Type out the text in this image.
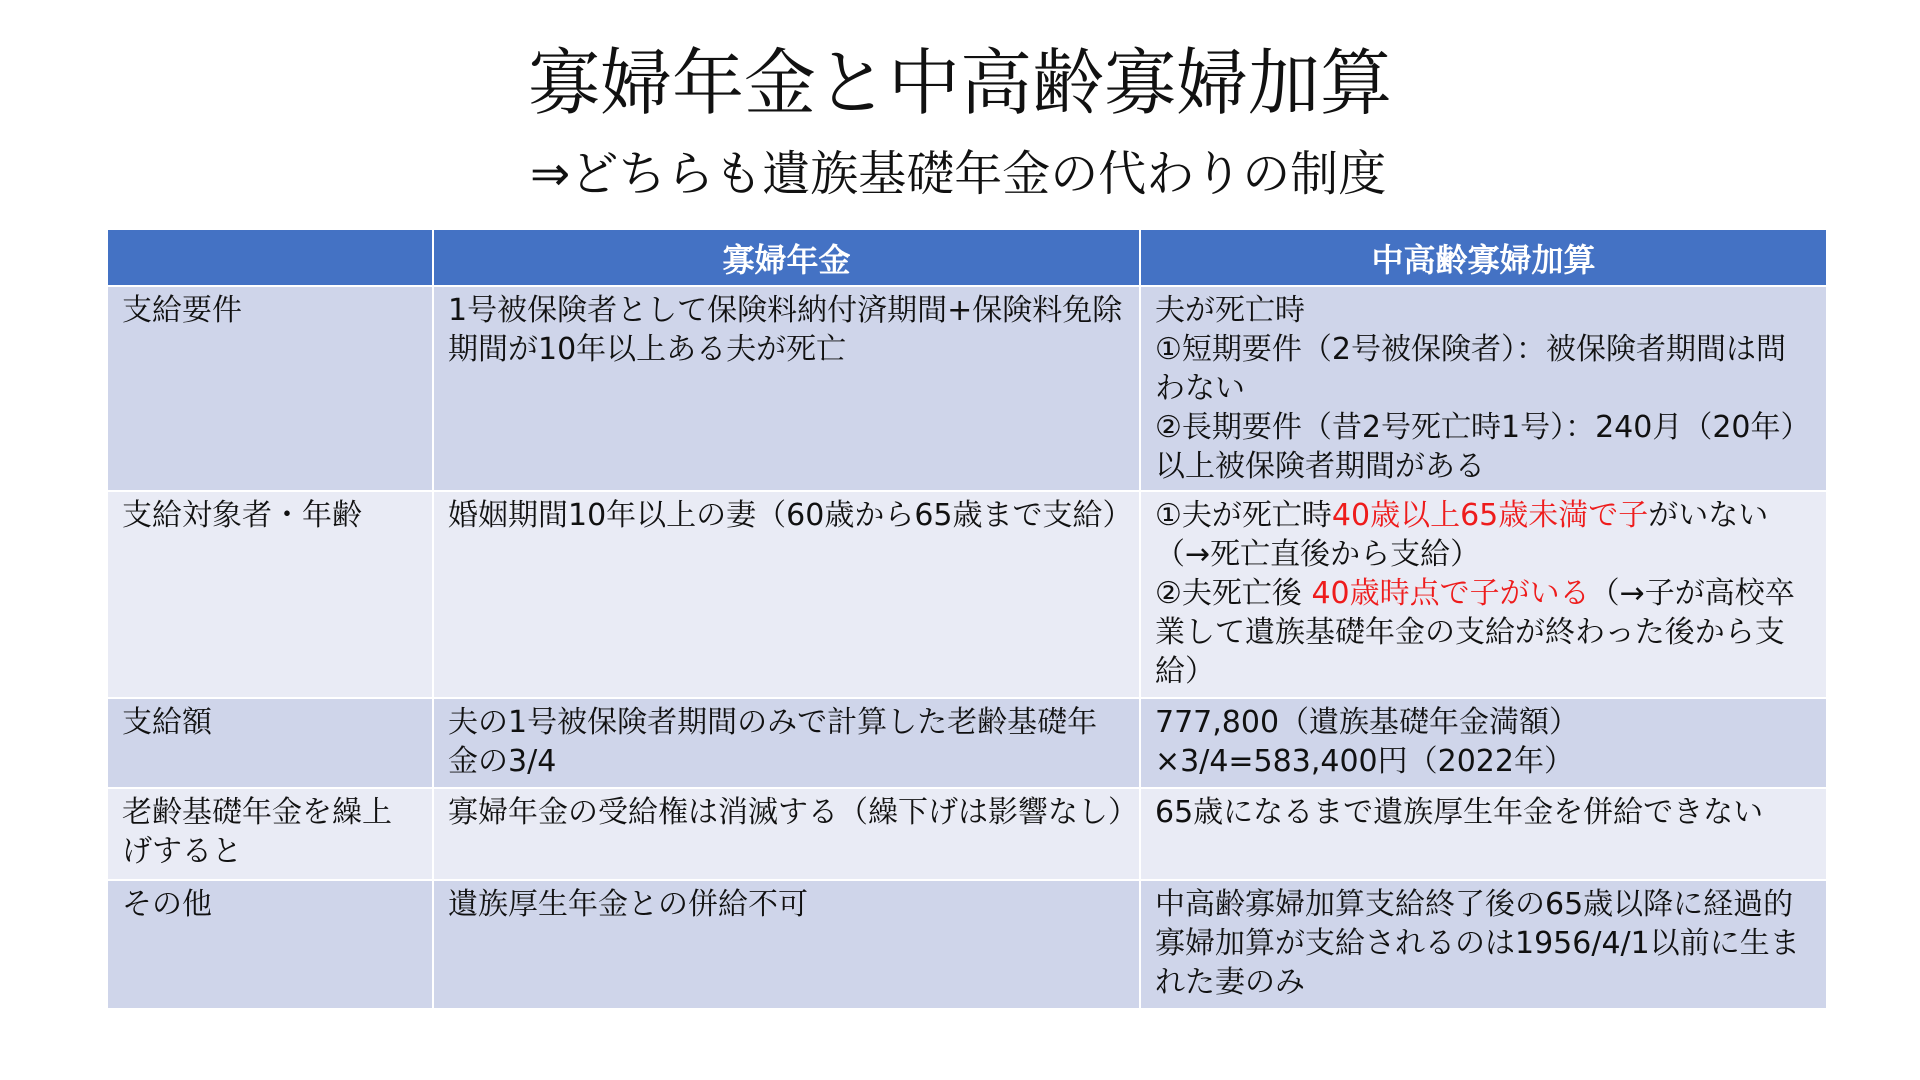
寡婦年金と中高齢寡婦加算
⇒どちらも遺族基礎年金の代わりの制度
	寡婦年金	中高齢寡婦加算
支給要件	1号被保険者として保険料納付済期間+保険料免除期間が10年以上ある夫が死亡	夫が死亡時
①短期要件（2号被保険者）：被保険者期間は問わない
②長期要件（昔2号死亡時1号）：240月（20年）以上被保険者期間がある

支給対象者・年齢	婚姻期間10年以上の妻（60歳から65歳まで支給）	①夫が死亡時40歳以上65歳未満で子がいない（→死亡直後から支給）
②夫死亡後 40歳時点で子がいる（→子が高校卒業して遺族基礎年金の支給が終わった後から支給）

支給額	夫の1号被保険者期間のみで計算した老齢基礎年金の3/4	777,800（遺族基礎年金満額）
×3/4=583,400円（2022年）

老齢基礎年金を繰上げすると	寡婦年金の受給権は消滅する（繰下げは影響なし）	65歳になるまで遺族厚生年金を併給できない
その他	遺族厚生年金との併給不可	中高齢寡婦加算支給終了後の65歳以降に経過的寡婦加算が支給されるのは1956/4/1以前に生まれた妻のみ
